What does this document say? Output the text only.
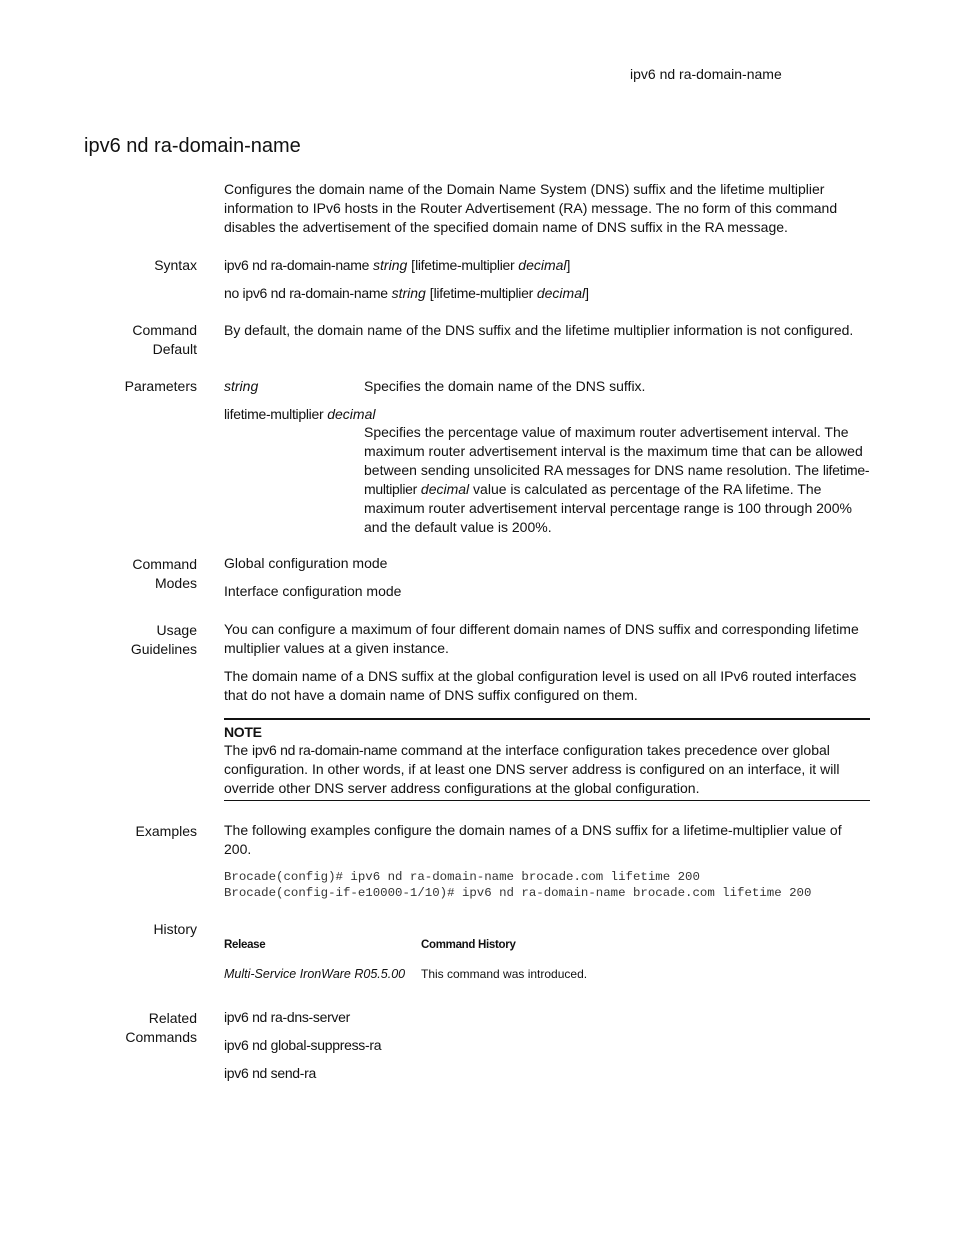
ipv6 nd ra-domain-name
ipv6 nd ra-domain-name
Configures the domain name of the Domain Name System (DNS) suffix and the lifetime multiplier information to IPv6 hosts in the Router Advertisement (RA) message. The no form of this command disables the advertisement of the specified domain name of DNS suffix in the RA message.
Syntax ipv6 nd ra-domain-name string [lifetime-multiplier decimal]
no ipv6 nd ra-domain-name string [lifetime-multiplier decimal]
Command
Default
By default, the domain name of the DNS suffix and the lifetime multiplier information is not configured.
Parameters string	Specifies the domain name of the DNS suffix.
lifetime-multiplier decimal
Specifies the percentage value of maximum router advertisement interval. The maximum router advertisement interval is the maximum time that can be allowed between sending unsolicited RA messages for DNS name resolution. The lifetime-multiplier decimal value is calculated as percentage of the RA lifetime. The maximum router advertisement interval percentage range is 100 through 200% and the default value is 200%.
Command
Modes
Global configuration mode
Interface configuration mode
Usage
Guidelines
You can configure a maximum of four different domain names of DNS suffix and corresponding lifetime multiplier values at a given instance.
The domain name of a DNS suffix at the global configuration level is used on all IPv6 routed interfaces that do not have a domain name of DNS suffix configured on them.
NOTE
The ipv6 nd ra-domain-name command at the interface configuration takes precedence over global configuration. In other words, if at least one DNS server address is configured on an interface, it will override other DNS server address configurations at the global configuration.
Examples The following examples configure the domain names of a DNS suffix for a lifetime-multiplier value of 200.
Brocade(config)# ipv6 nd ra-domain-name brocade.com lifetime 200
Brocade(config-if-e10000-1/10)# ipv6 nd ra-domain-name brocade.com lifetime 200
History
Release	Command History
Multi-Service IronWare R05.5.00 This command was introduced.
Related
Commands
ipv6 nd ra-dns-server
ipv6 nd global-suppress-ra
ipv6 nd send-ra
